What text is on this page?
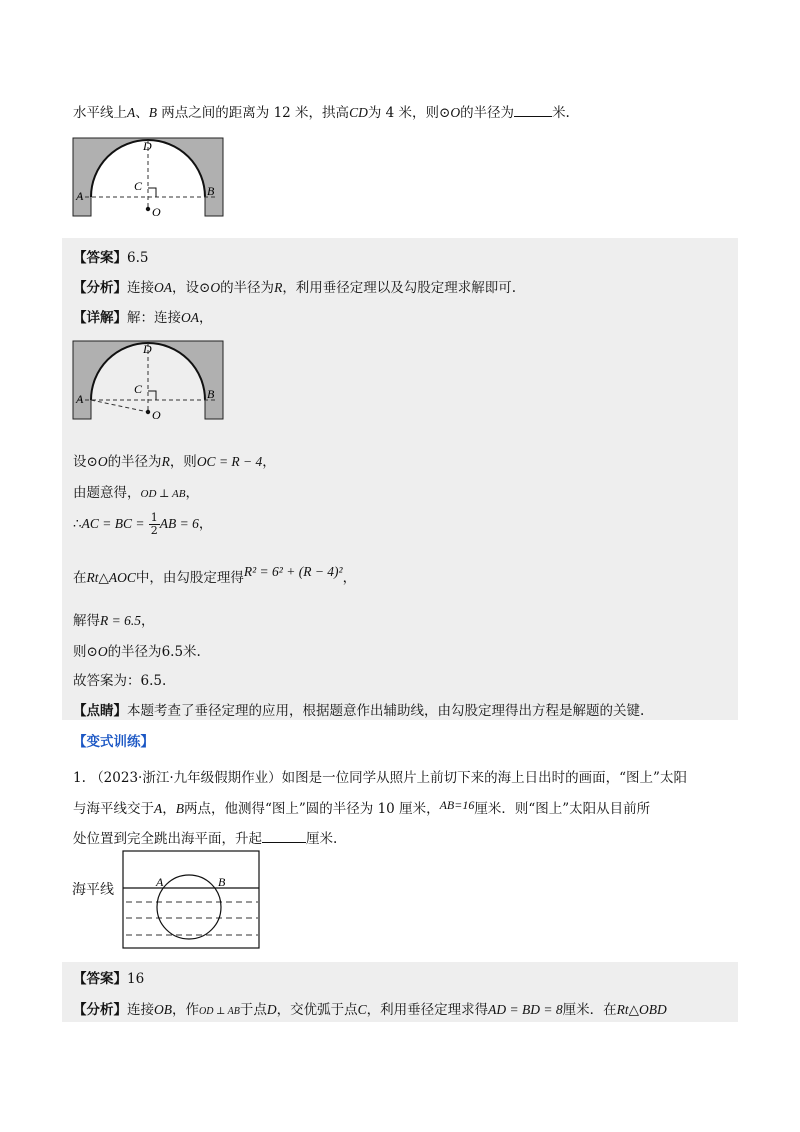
水平线上A、B 两点之间的距离为 12 米，拱高CD为 4 米，则⊙O的半径为	米.
D
C
A	B
O
【答案】6.5
【分析】连接OA，设⊙O的半径为R，利用垂径定理以及勾股定理求解即可.
【详解】解：连接OA，
D
C
A	B
O
设⊙O的半径为R，则OC = R − 4，
由题意得，OD ⊥ AB，
∴AC = BC = $\frac{1}{2}$ AB = 6，
在Rt△AOC中，由勾股定理得R² = 6² + (R − 4)²，
解得R = 6.5，
则⊙O的半径为6.5米.
故答案为：6.5.
【点睛】本题考查了垂径定理的应用，根据题意作出辅助线，由勾股定理得出方程是解题的关键.
【变式训练】
1. （2023·浙江·九年级假期作业）如图是一位同学从照片上前切下来的海上日出时的画面，“图上”太阳
与海平线交于A，B两点，他测得“图上”圆的半径为 10 厘米，AB=16厘米．则“图上”太阳从目前所
处位置到完全跳出海平面，升起	厘米.
海平线	A	B
【答案】16
【分析】连接OB，作OD ⊥ AB于点D，交优弧于点C，利用垂径定理求得AD = BD = 8厘米．在Rt△OBD
